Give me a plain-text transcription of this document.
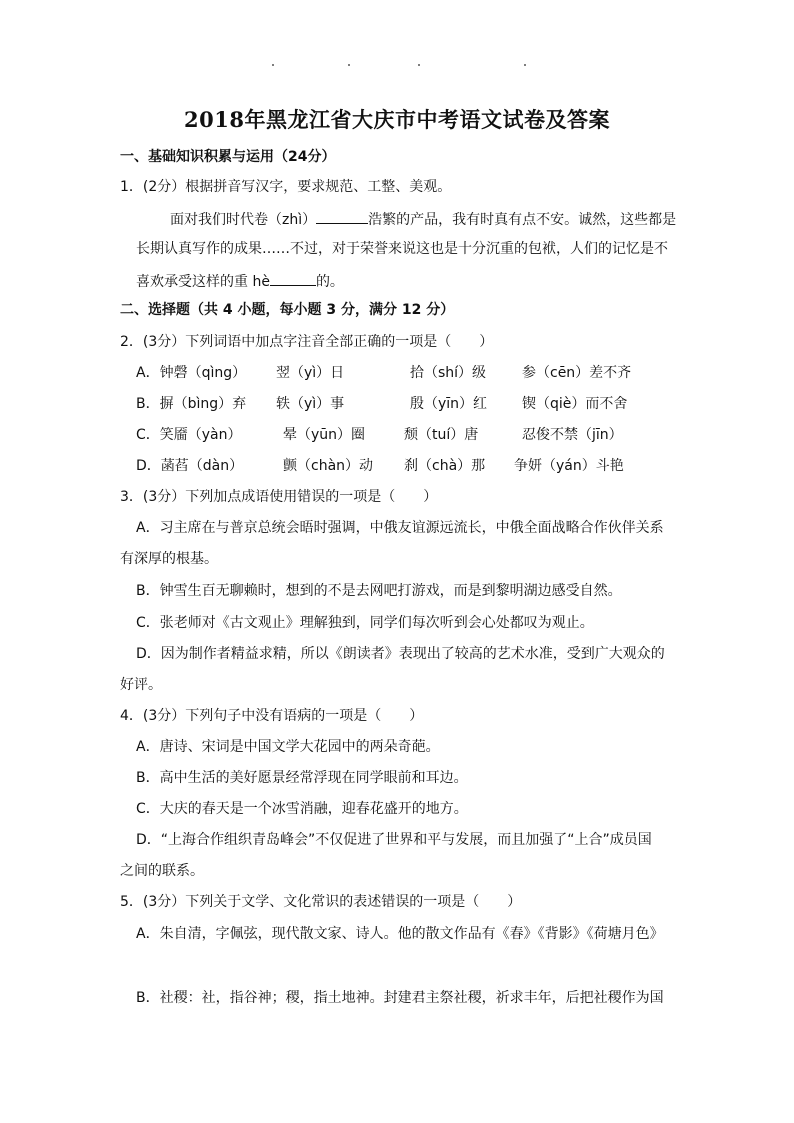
2018年黑龙江省大庆市中考语文试卷及答案
一、基础知识积累与运用（24分）
1．(2分）根据拼音写汉字，要求规范、工整、美观。
面对我们时代卷（zhì）	浩繁的产品，我有时真有点不安。诚然，这些都是
长期认真写作的成果……不过，对于荣誉来说这也是十分沉重的包袱，人们的记忆是不
喜欢承受这样的重 hè	的。
二、选择题（共 4 小题，每小题 3 分，满分 12 分）
2．(3分）下列词语中加点字注音全部正确的一项是（　　）
A．钟磬（qìng） 翌（yì）日	拾（shí）级	参（cēn）差不齐
B．摒（bìng）弃 轶（yì）事	殷（yīn）红 锲（qiè）而不舍
C．笑靥（yàn）	晕（yūn）圈	颓（tuí）唐	忍俊不禁（jīn）
D．菡萏（dàn）	颤（chàn）动 刹（chà）那 争妍（yán）斗艳
3．(3分）下列加点成语使用错误的一项是（　　）
A．习主席在与普京总统会晤时强调，中俄友谊源远流长，中俄全面战略合作伙伴关系
有深厚的根基。
B．钟雪生百无聊赖时，想到的不是去网吧打游戏，而是到黎明湖边感受自然。
C．张老师对《古文观止》理解独到，同学们每次听到会心处都叹为观止。
D．因为制作者精益求精，所以《朗读者》表现出了较高的艺术水准，受到广大观众的
好评。
4．(3分）下列句子中没有语病的一项是（　　）
A．唐诗、宋词是中国文学大花园中的两朵奇葩。
B．高中生活的美好愿景经常浮现在同学眼前和耳边。
C．大庆的春天是一个冰雪消融，迎春花盛开的地方。
D．“上海合作组织青岛峰会”不仅促进了世界和平与发展，而且加强了“上合”成员国
之间的联系。
5．(3分）下列关于文学、文化常识的表述错误的一项是（　　）
A．朱自清，字佩弦，现代散文家、诗人。他的散文作品有《春》《背影》《荷塘月色》
B．社稷：社，指谷神；稷，指土地神。封建君主祭社稷，祈求丰年，后把社稷作为国
